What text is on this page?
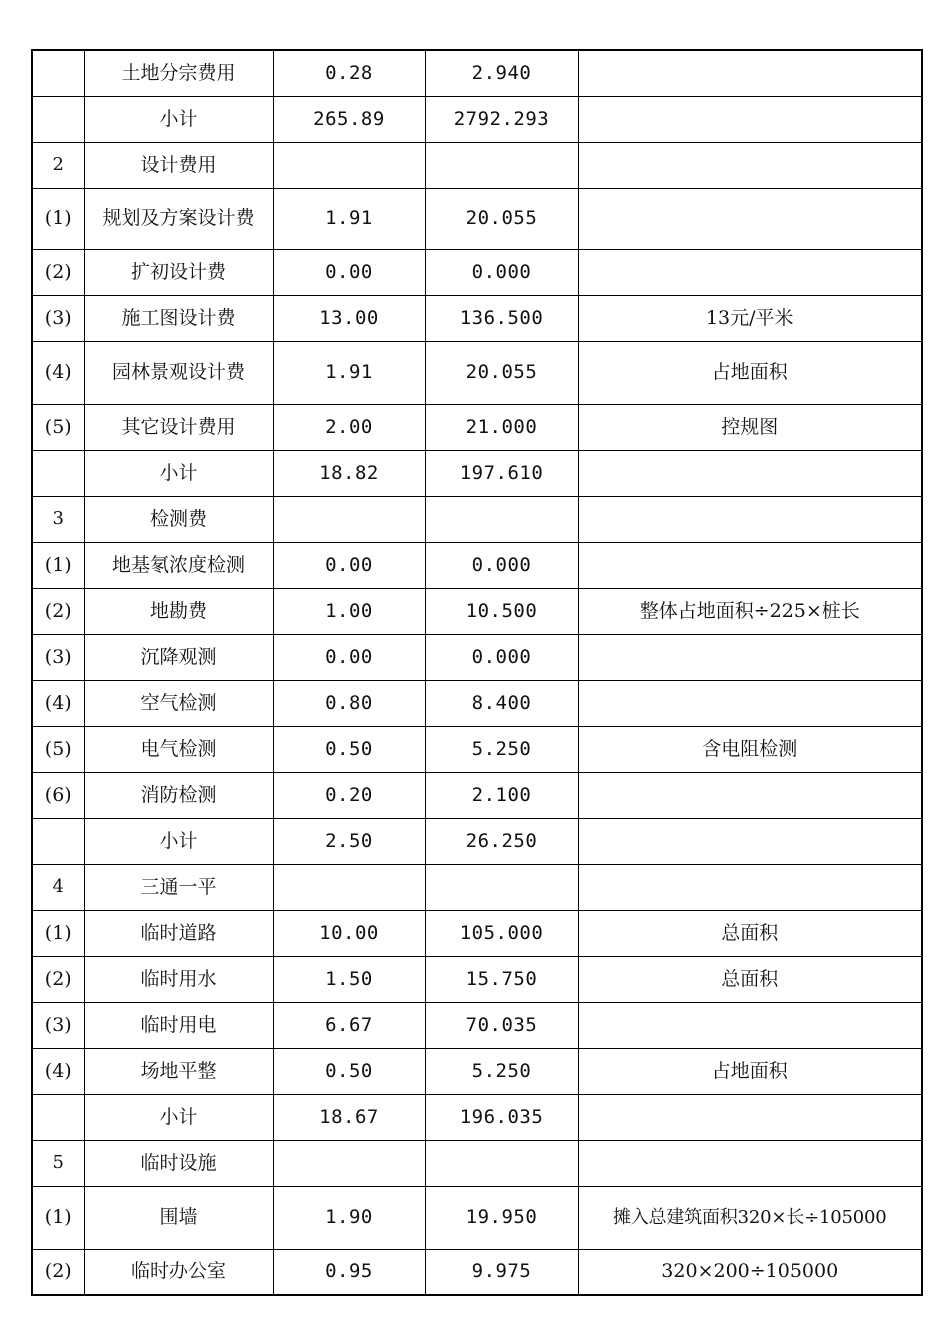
	土地分宗费用	0.28	2.940	
	小计	265.89	2792.293	
2	设计费用			
(1)	规划及方案设计费	1.91	20.055	
(2)	扩初设计费	0.00	0.000	
(3)	施工图设计费	13.00	136.500	13元/平米
(4)	园林景观设计费	1.91	20.055	占地面积
(5)	其它设计费用	2.00	21.000	控规图
	小计	18.82	197.610	
3	检测费			
(1)	地基氡浓度检测	0.00	0.000	
(2)	地勘费	1.00	10.500	整体占地面积÷225×桩长
(3)	沉降观测	0.00	0.000	
(4)	空气检测	0.80	8.400	
(5)	电气检测	0.50	5.250	含电阻检测
(6)	消防检测	0.20	2.100	
	小计	2.50	26.250	
4	三通一平			
(1)	临时道路	10.00	105.000	总面积
(2)	临时用水	1.50	15.750	总面积
(3)	临时用电	6.67	70.035	
(4)	场地平整	0.50	5.250	占地面积
	小计	18.67	196.035	
5	临时设施			
(1)	围墙	1.90	19.950	摊入总建筑面积320×长÷105000
(2)	临时办公室	0.95	9.975	320×200÷105000
